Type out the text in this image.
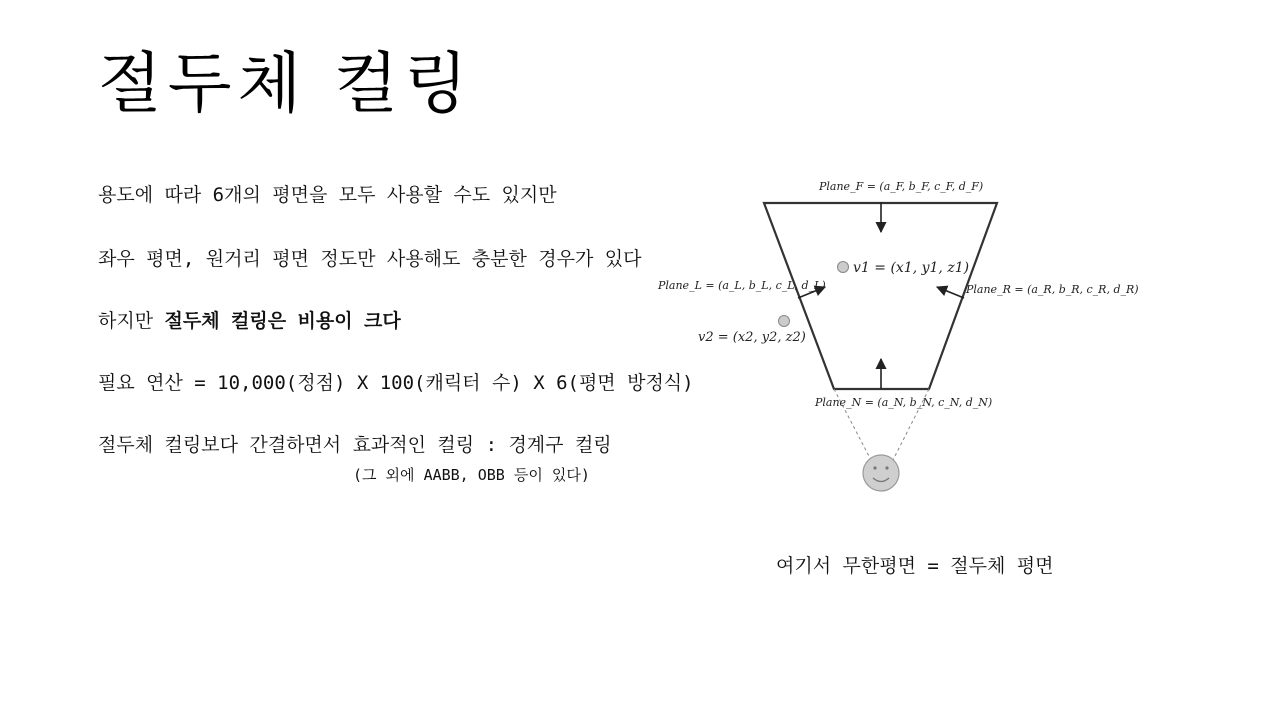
절두체 컬링
용도에 따라 6개의 평면을 모두 사용할 수도 있지만
좌우 평면, 원거리 평면 정도만 사용해도 충분한 경우가 있다
하지만 절두체 컬링은 비용이 크다
필요 연산 = 10,000(정점) X 100(캐릭터 수) X 6(평면 방정식)
절두체 컬링보다 간결하면서 효과적인 컬링 : 경계구 컬링
(그 외에 AABB, OBB 등이 있다)
Plane_F = (a_F, b_F, c_F, d_F)
Plane_L = (a_L, b_L, c_L, d_L)	Plane_R = (a_R, b_R, c_R, d_R)
Plane_N = (a_N, b_N, c_N, d_N)
v1 = (x1, y1, z1)
v2 = (x2, y2, z2)
여기서 무한평면 = 절두체 평면
